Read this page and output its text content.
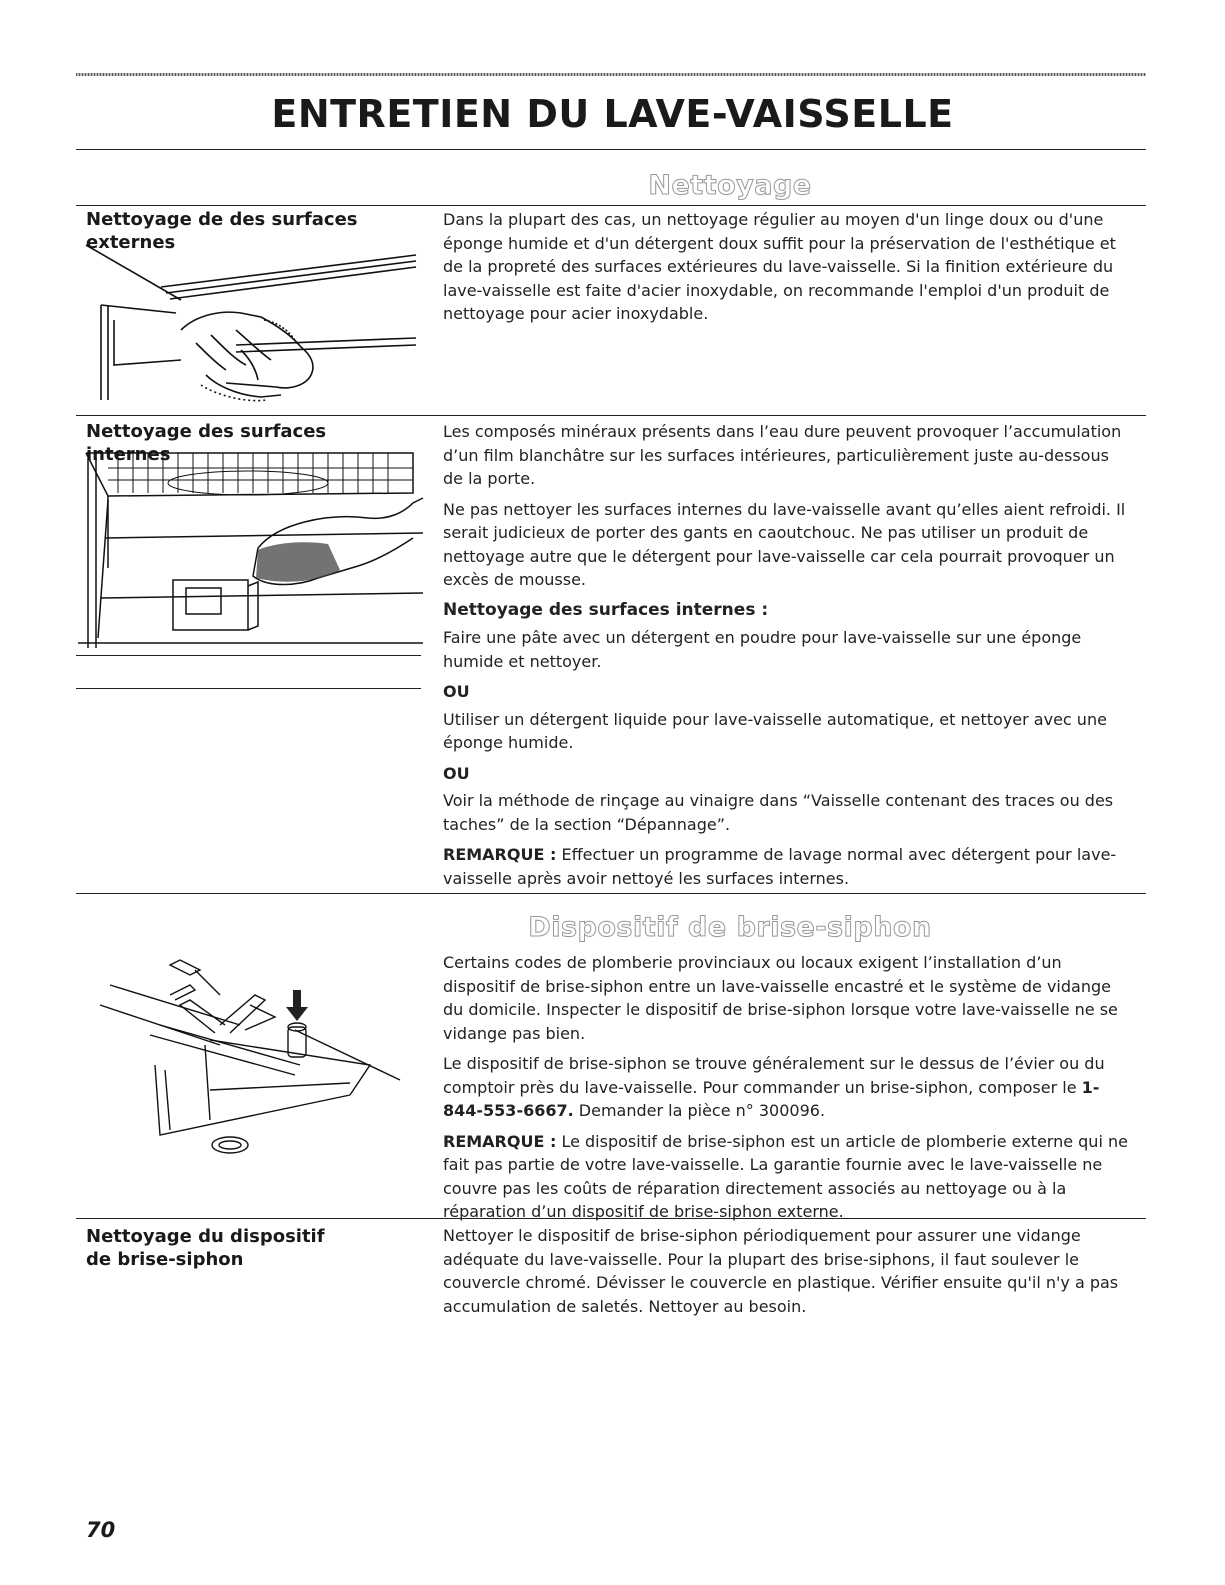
ENTRETIEN DU LAVE-VAISSELLE
Nettoyage
Nettoyage de des surfaces externes

Dans la plupart des cas, un nettoyage régulier au moyen d'un linge doux ou d'une éponge humide et d'un détergent doux suffit pour la préservation de l'esthétique et de la propreté des surfaces extérieures du lave-vaisselle. Si la finition extérieure du lave-vaisselle est faite d'acier inoxydable, on recommande l'emploi d'un produit de nettoyage pour acier inoxydable.

Nettoyage des surfaces internes

Les composés minéraux présents dans l’eau dure peuvent provoquer l’accumulation d’un film blanchâtre sur les surfaces intérieures, particulièrement juste au-dessous de la porte.

Ne pas nettoyer les surfaces internes du lave-vaisselle avant qu’elles aient refroidi. Il serait judicieux de porter des gants en caoutchouc. Ne pas utiliser un produit de nettoyage autre que le détergent pour lave-vaisselle car cela pourrait provoquer un excès de mousse.

Nettoyage des surfaces internes :

Faire une pâte avec un détergent en poudre pour lave-vaisselle sur une éponge humide et nettoyer.

OU

Utiliser un détergent liquide pour lave-vaisselle automatique, et nettoyer avec une éponge humide.

OU

Voir la méthode de rinçage au vinaigre dans “Vaisselle contenant des traces ou des taches” de la section “Dépannage”.

REMARQUE : Effectuer un programme de lavage normal avec détergent pour lave-vaisselle après avoir nettoyé les surfaces internes.

Dispositif de brise-siphon

Certains codes de plomberie provinciaux ou locaux exigent l’installation d’un dispositif de brise-siphon entre un lave-vaisselle encastré et le système de vidange du domicile. Inspecter le dispositif de brise-siphon lorsque votre lave-vaisselle ne se vidange pas bien.

Le dispositif de brise-siphon se trouve généralement sur le dessus de l’évier ou du comptoir près du lave-vaisselle. Pour commander un brise-siphon, composer le 1-844-553-6667. Demander la pièce n° 300096.

REMARQUE : Le dispositif de brise-siphon est un article de plomberie externe qui ne fait pas partie de votre lave-vaisselle. La garantie fournie avec le lave-vaisselle ne couvre pas les coûts de réparation directement associés au nettoyage ou à la réparation d’un dispositif de brise-siphon externe.

Nettoyage du dispositif de brise-siphon

Nettoyer le dispositif de brise-siphon périodiquement pour assurer une vidange adéquate du lave-vaisselle. Pour la plupart des brise-siphons, il faut soulever le couvercle chromé. Dévisser le couvercle en plastique. Vérifier ensuite qu'il n'y a pas accumulation de saletés. Nettoyer au besoin.

70
